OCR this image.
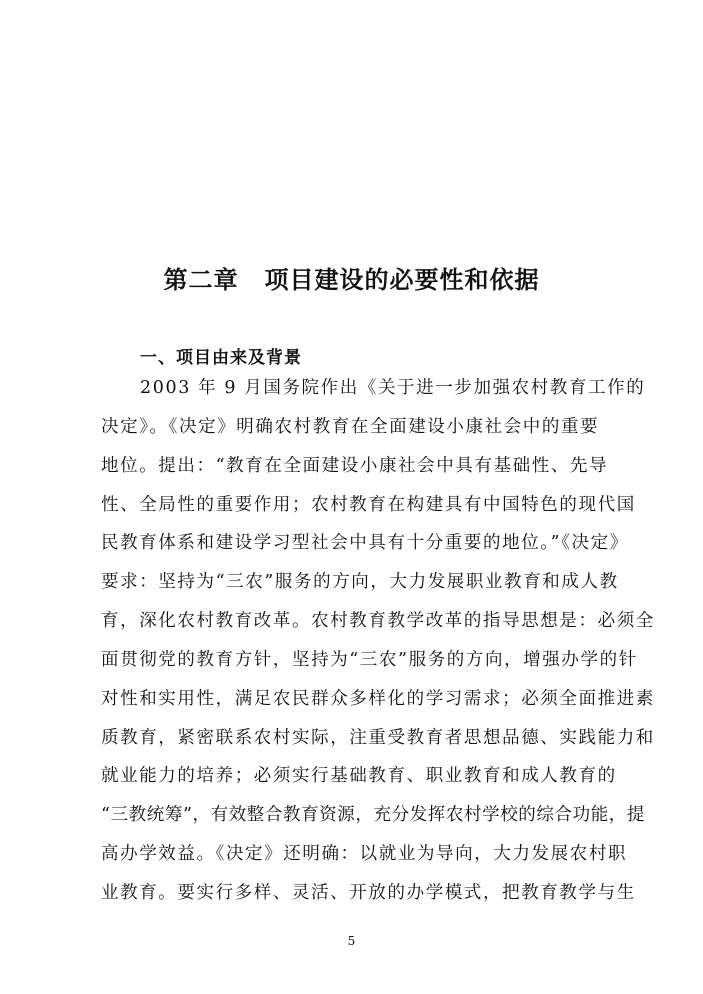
第二章 项目建设的必要性和依据
一、项目由来及背景
2003 年 9 月国务院作出《关于进一步加强农村教育工作的
决定》。《决定》明确农村教育在全面建设小康社会中的重要
地位。提出：“教育在全面建设小康社会中具有基础性、先导
性、全局性的重要作用；农村教育在构建具有中国特色的现代国
民教育体系和建设学习型社会中具有十分重要的地位。”《决定》
要求：坚持为“三农”服务的方向，大力发展职业教育和成人教
育，深化农村教育改革。农村教育教学改革的指导思想是：必须全
面贯彻党的教育方针，坚持为“三农”服务的方向，增强办学的针
对性和实用性，满足农民群众多样化的学习需求；必须全面推进素
质教育，紧密联系农村实际，注重受教育者思想品德、实践能力和
就业能力的培养；必须实行基础教育、职业教育和成人教育的
“三教统筹”，有效整合教育资源，充分发挥农村学校的综合功能，提
高办学效益。《决定》还明确：以就业为导向，大力发展农村职
业教育。要实行多样、灵活、开放的办学模式，把教育教学与生
5
